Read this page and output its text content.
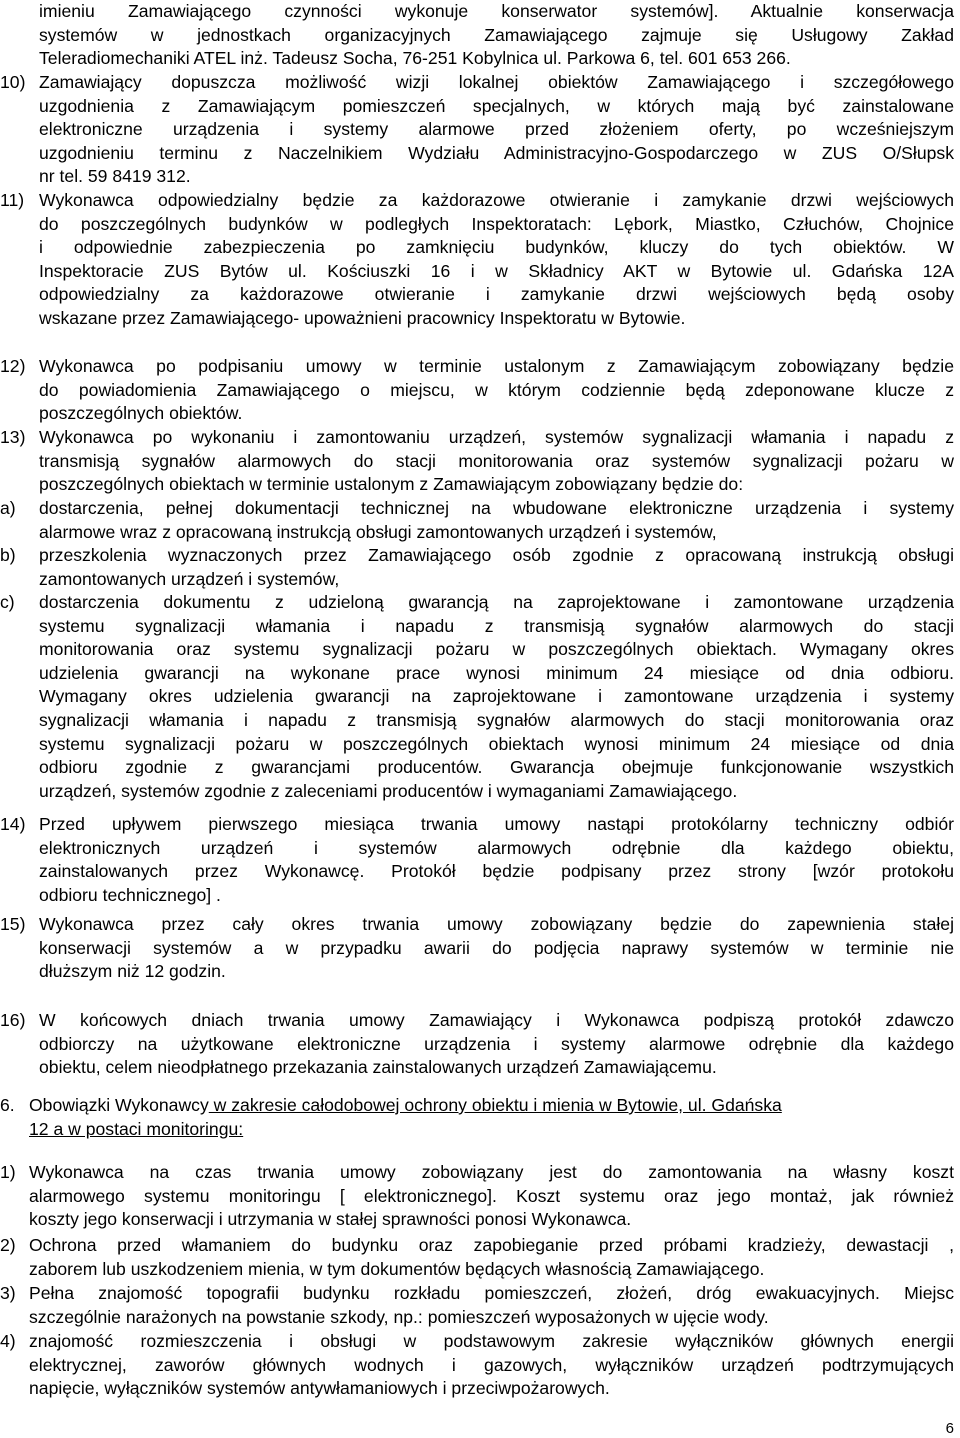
imieniu Zamawiającego czynności wykonuje konserwator systemów]. Aktualnie konserwacja
systemów w jednostkach organizacyjnych Zamawiającego zajmuje się Usługowy Zakład
Teleradiomechaniki ATEL inż. Tadeusz Socha, 76-251 Kobylnica ul. Parkowa 6, tel. 601 653 266.
10) Zamawiający dopuszcza możliwość wizji lokalnej obiektów Zamawiającego i szczegółowego
uzgodnienia z Zamawiającym pomieszczeń specjalnych, w których mają być zainstalowane
elektroniczne urządzenia i systemy alarmowe przed złożeniem oferty, po wcześniejszym
uzgodnieniu terminu z Naczelnikiem Wydziału Administracyjno-Gospodarczego w ZUS O/Słupsk
nr tel. 59 8419 312.
11) Wykonawca odpowiedzialny będzie za każdorazowe otwieranie i zamykanie drzwi wejściowych
do poszczególnych budynków w podległych Inspektoratach: Lębork, Miastko, Człuchów, Chojnice
i odpowiednie zabezpieczenia po zamknięciu budynków, kluczy do tych obiektów. W
Inspektoracie ZUS Bytów ul. Kościuszki 16 i w Składnicy AKT w Bytowie ul. Gdańska 12A
odpowiedzialny za każdorazowe otwieranie i zamykanie drzwi wejściowych będą osoby
wskazane przez Zamawiającego- upoważnieni pracownicy Inspektoratu w Bytowie.
12) Wykonawca po podpisaniu umowy w terminie ustalonym z Zamawiającym zobowiązany będzie
do powiadomienia Zamawiającego o miejscu, w którym codziennie będą zdeponowane klucze z
poszczególnych obiektów.
13) Wykonawca po wykonaniu i zamontowaniu urządzeń, systemów sygnalizacji włamania i napadu z
transmisją sygnałów alarmowych do stacji monitorowania oraz systemów sygnalizacji pożaru w
poszczególnych obiektach w terminie ustalonym z Zamawiającym zobowiązany będzie do:
a) dostarczenia, pełnej dokumentacji technicznej na wbudowane elektroniczne urządzenia i systemy
alarmowe wraz z opracowaną instrukcją obsługi zamontowanych urządzeń i systemów,
b) przeszkolenia wyznaczonych przez Zamawiającego osób zgodnie z opracowaną instrukcją obsługi
zamontowanych urządzeń i systemów,
c) dostarczenia dokumentu z udzieloną gwarancją na zaprojektowane i zamontowane urządzenia
systemu sygnalizacji włamania i napadu z transmisją sygnałów alarmowych do stacji
monitorowania oraz systemu sygnalizacji pożaru w poszczególnych obiektach. Wymagany okres
udzielenia gwarancji na wykonane prace wynosi minimum 24 miesiące od dnia odbioru.
Wymagany okres udzielenia gwarancji na zaprojektowane i zamontowane urządzenia i systemy
sygnalizacji włamania i napadu z transmisją sygnałów alarmowych do stacji monitorowania oraz
systemu sygnalizacji pożaru w poszczególnych obiektach wynosi minimum 24 miesiące od dnia
odbioru zgodnie z gwarancjami producentów. Gwarancja obejmuje funkcjonowanie wszystkich
urządzeń, systemów zgodnie z zaleceniami producentów i wymaganiami Zamawiającego.
14) Przed upływem pierwszego miesiąca trwania umowy nastąpi protokólarny techniczny odbiór
elektronicznych urządzeń i systemów alarmowych odrębnie dla każdego obiektu,
zainstalowanych przez Wykonawcę. Protokół będzie podpisany przez strony [wzór protokołu
odbioru technicznego] .
15) Wykonawca przez cały okres trwania umowy zobowiązany będzie do zapewnienia stałej
konserwacji systemów a w przypadku awarii do podjęcia naprawy systemów w terminie nie
dłuższym niż 12 godzin.
16) W końcowych dniach trwania umowy Zamawiający i Wykonawca podpiszą protokół zdawczo
odbiorczy na użytkowane elektroniczne urządzenia i systemy alarmowe odrębnie dla każdego
obiektu, celem nieodpłatnego przekazania zainstalowanych urządzeń Zamawiającemu.
6. Obowiązki Wykonawcy w zakresie całodobowej ochrony obiektu i mienia w Bytowie, ul. Gdańska
12 a w postaci monitoringu:
1) Wykonawca na czas trwania umowy zobowiązany jest do zamontowania na własny koszt
alarmowego systemu monitoringu [ elektronicznego]. Koszt systemu oraz jego montaż, jak również
koszty jego konserwacji i utrzymania w stałej sprawności ponosi Wykonawca.
2) Ochrona przed włamaniem do budynku oraz zapobieganie przed próbami kradzieży, dewastacji ,
zaborem lub uszkodzeniem mienia, w tym dokumentów będących własnością Zamawiającego.
3) Pełna znajomość topografii budynku rozkładu pomieszczeń, złożeń, dróg ewakuacyjnych. Miejsc
szczególnie narażonych na powstanie szkody, np.: pomieszczeń wyposażonych w ujęcie wody.
4) znajomość rozmieszczenia i obsługi w podstawowym zakresie wyłączników głównych energii
elektrycznej, zaworów głównych wodnych i gazowych, wyłączników urządzeń podtrzymujących
napięcie, wyłączników systemów antywłamaniowych i przeciwpożarowych.
6
